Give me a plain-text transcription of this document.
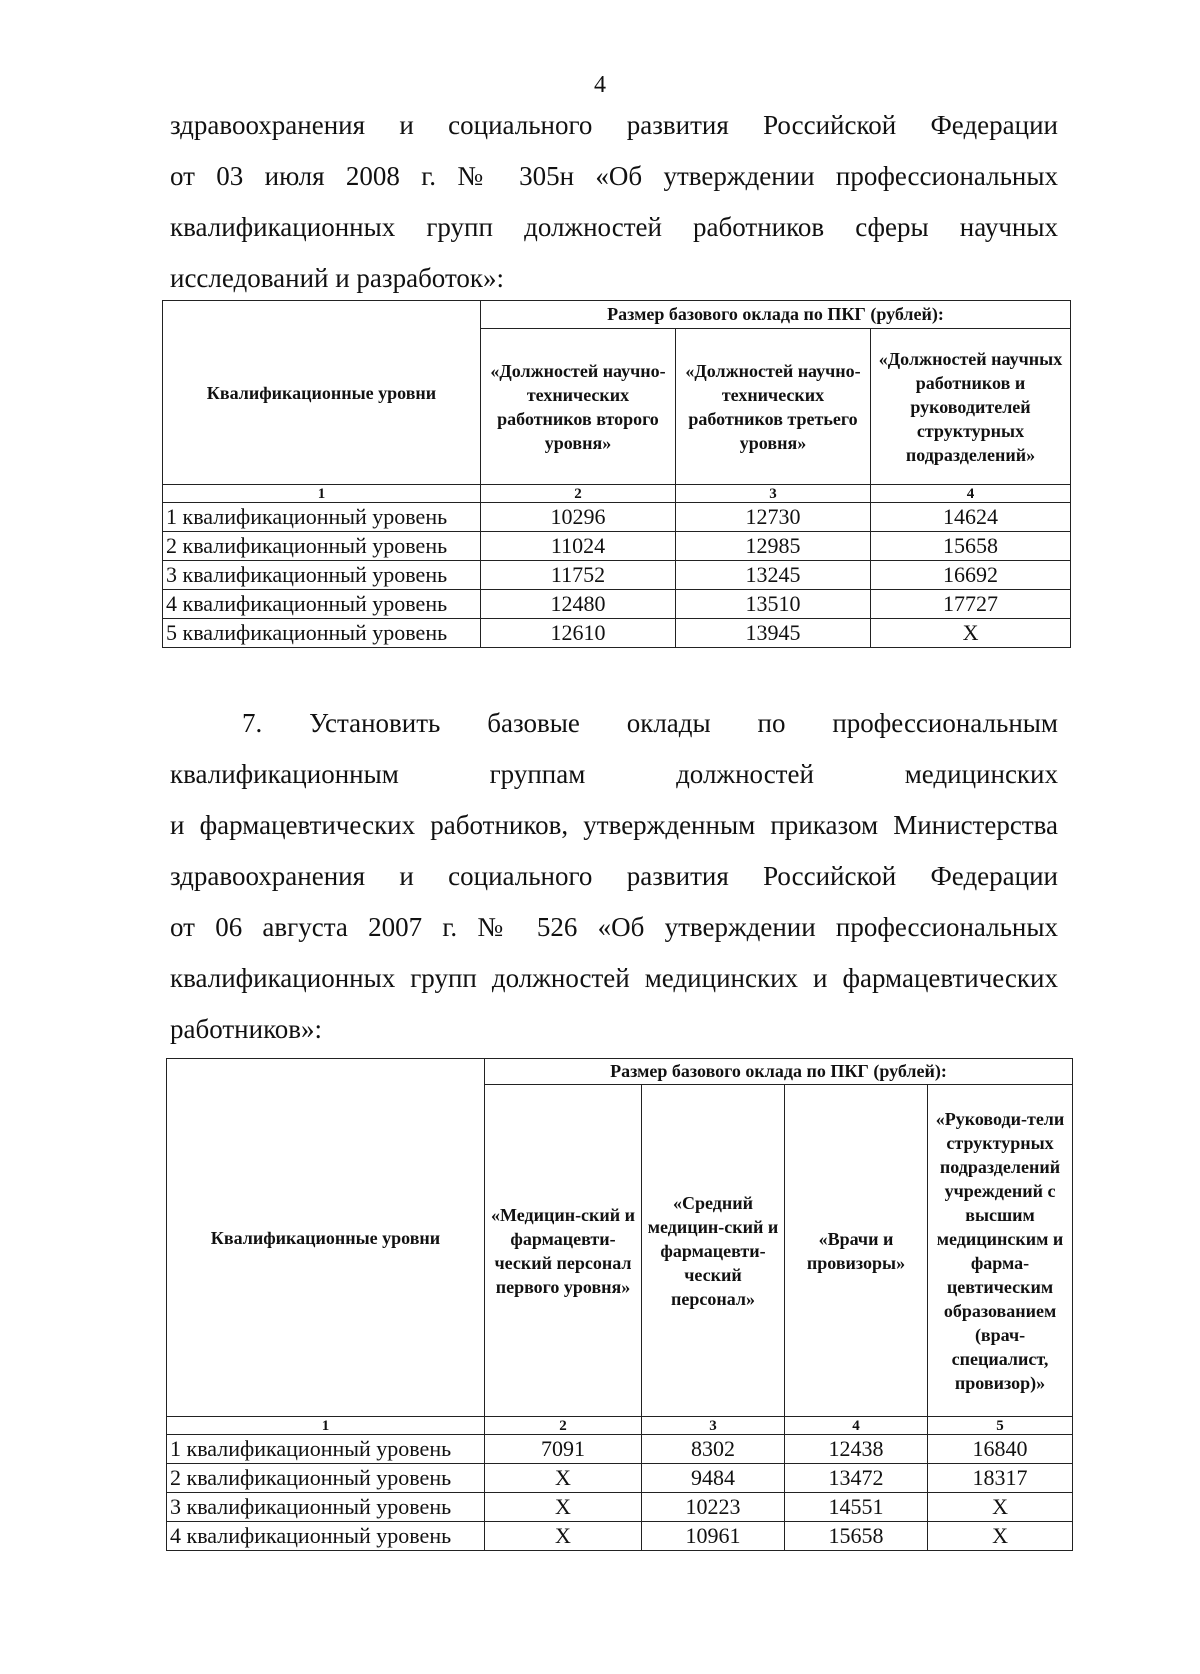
4
здравоохранения и социального развития Российской Федерации
от 03 июля 2008 г. № 305н «Об утверждении профессиональных
квалификационных групп должностей работников сферы научных
исследований и разработок»:
Квалификационные уровни	Размер базового оклада по ПКГ (рублей):		
	«Должностей научно-технических работников второго уровня»	«Должностей научно-технических работников третьего уровня»	«Должностей научных работников и руководителей структурных подразделений»
1	2	3	4
1 квалификационный уровень	10296	12730	14624
2 квалификационный уровень	11024	12985	15658
3 квалификационный уровень	11752	13245	16692
4 квалификационный уровень	12480	13510	17727
5 квалификационный уровень	12610	13945	Х
7. Установить базовые оклады по профессиональным
квалификационным группам должностей медицинских
и фармацевтических работников, утвержденным приказом Министерства
здравоохранения и социального развития Российской Федерации
от 06 августа 2007 г. № 526 «Об утверждении профессиональных
квалификационных групп должностей медицинских и фармацевтических
работников»:
Квалификационные уровни	Размер базового оклада по ПКГ (рублей):			
	«Медицин-ский и фармацевти-ческий персонал первого уровня»	«Средний медицин-ский и фармацевти-ческий персонал»	«Врачи и провизоры»	«Руководи-тели структурных подразделений учреждений с высшим медицинским и фарма-цевтическим образованием (врач-специалист, провизор)»
1	2	3	4	5
1 квалификационный уровень	7091	8302	12438	16840
2 квалификационный уровень	Х	9484	13472	18317
3 квалификационный уровень	Х	10223	14551	Х
4 квалификационный уровень	Х	10961	15658	Х
